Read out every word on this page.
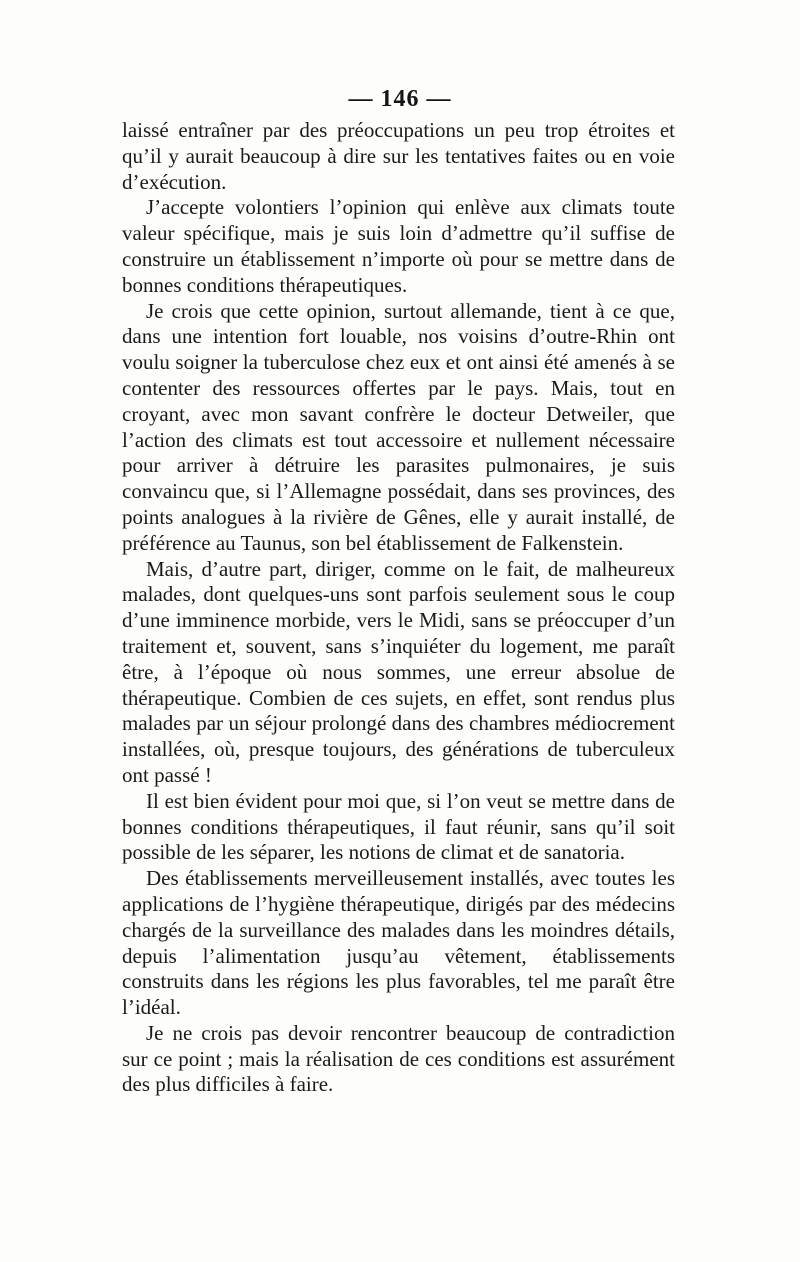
— 146 —

laissé entraîner par des préoccupations un peu trop étroites et qu’il y aurait beaucoup à dire sur les tentatives faites ou en voie d’exécution.

J’accepte volontiers l’opinion qui enlève aux climats toute valeur spécifique, mais je suis loin d’admettre qu’il suffise de construire un établissement n’importe où pour se mettre dans de bonnes conditions thérapeutiques.

Je crois que cette opinion, surtout allemande, tient à ce que, dans une intention fort louable, nos voisins d’outre-Rhin ont voulu soigner la tuberculose chez eux et ont ainsi été amenés à se contenter des ressources offertes par le pays. Mais, tout en croyant, avec mon savant confrère le docteur Detweiler, que l’action des climats est tout accessoire et nullement nécessaire pour arriver à détruire les parasites pulmonaires, je suis convaincu que, si l’Allemagne possédait, dans ses provinces, des points analogues à la rivière de Gênes, elle y aurait installé, de préférence au Taunus, son bel établissement de Falkenstein.

Mais, d’autre part, diriger, comme on le fait, de malheureux malades, dont quelques-uns sont parfois seulement sous le coup d’une imminence morbide, vers le Midi, sans se préoccuper d’un traitement et, souvent, sans s’inquiéter du logement, me paraît être, à l’époque où nous sommes, une erreur absolue de thérapeutique. Combien de ces sujets, en effet, sont rendus plus malades par un séjour prolongé dans des chambres médiocrement installées, où, presque toujours, des générations de tuberculeux ont passé !

Il est bien évident pour moi que, si l’on veut se mettre dans de bonnes conditions thérapeutiques, il faut réunir, sans qu’il soit possible de les séparer, les notions de climat et de sanatoria.

Des établissements merveilleusement installés, avec toutes les applications de l’hygiène thérapeutique, dirigés par des médecins chargés de la surveillance des malades dans les moindres détails, depuis l’alimentation jusqu’au vêtement, établissements construits dans les régions les plus favorables, tel me paraît être l’idéal.

Je ne crois pas devoir rencontrer beaucoup de contradiction sur ce point ; mais la réalisation de ces conditions est assurément des plus difficiles à faire.
